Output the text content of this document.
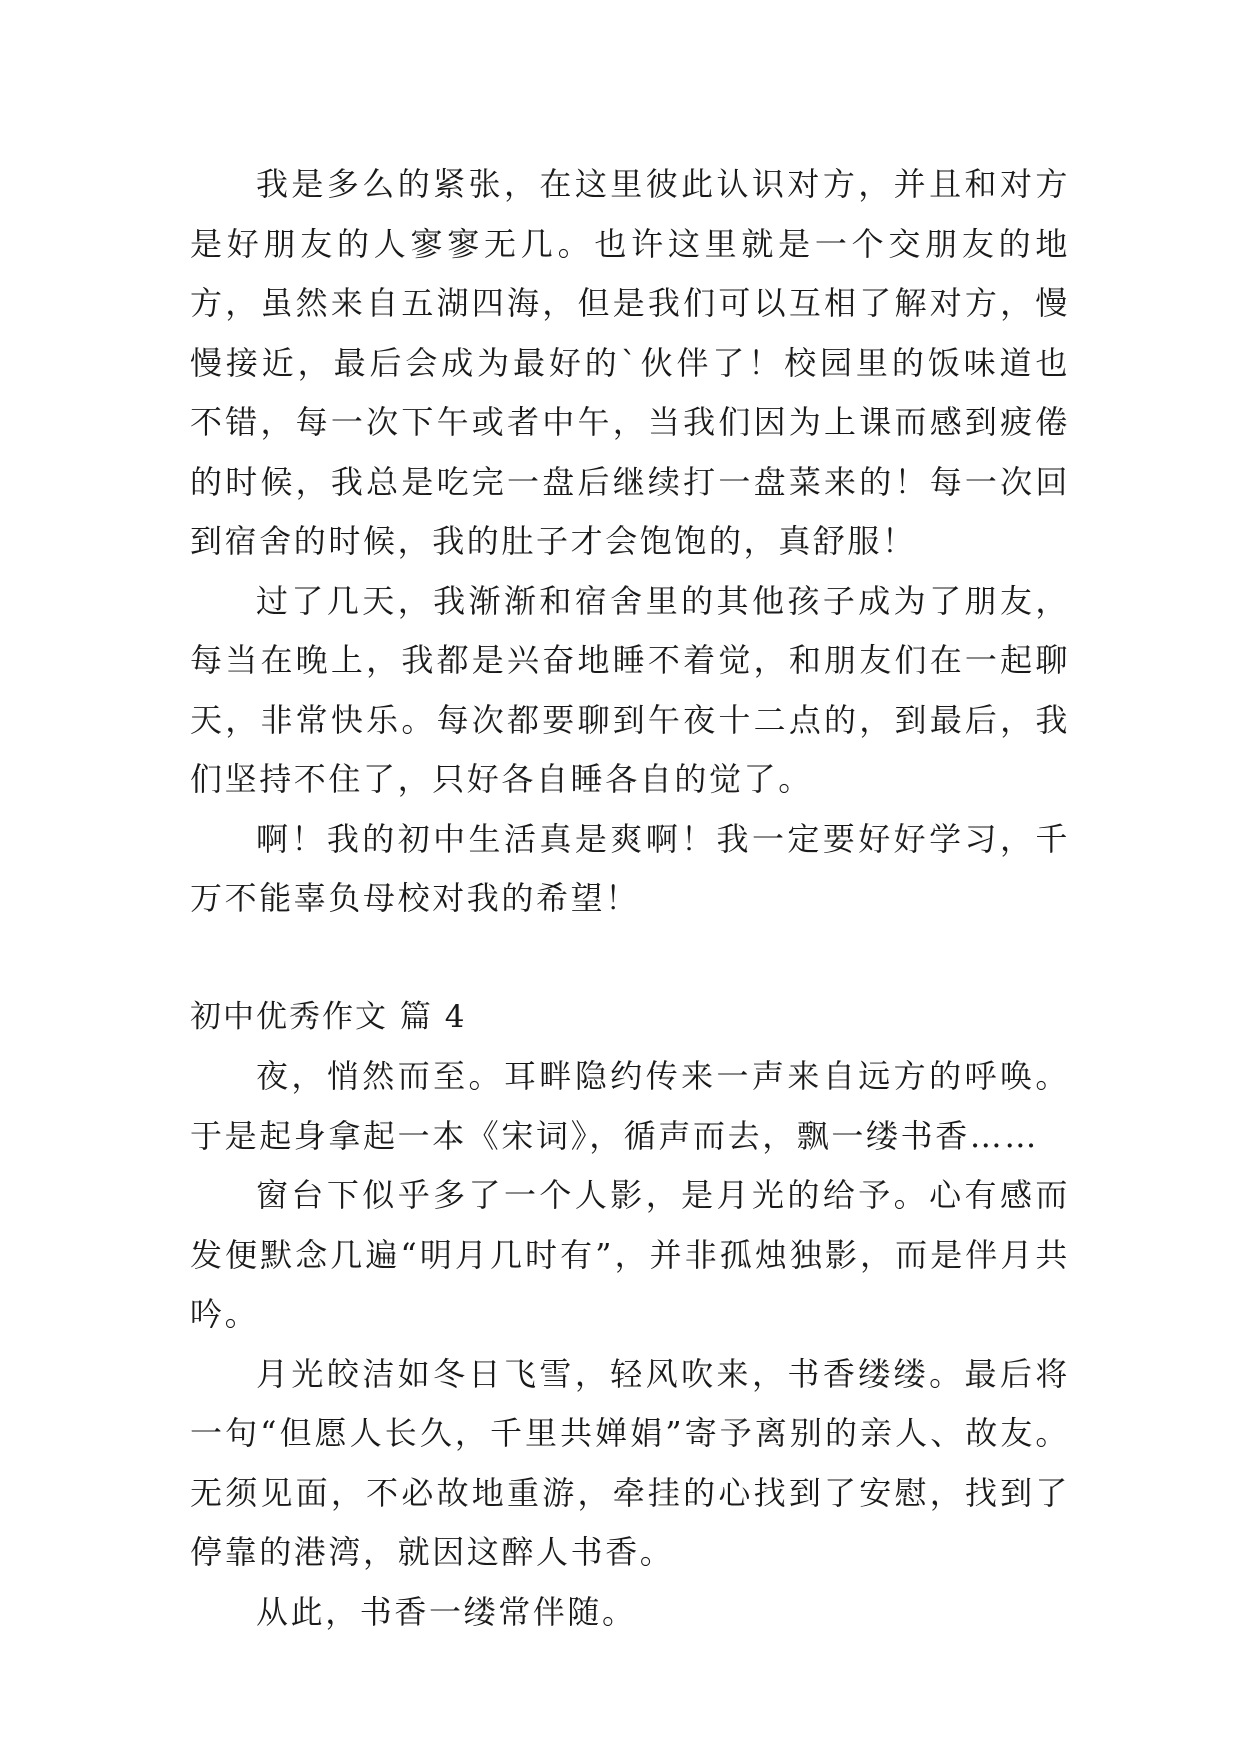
我是多么的紧张，在这里彼此认识对方，并且和对方是好朋友的人寥寥无几。也许这里就是一个交朋友的地方，虽然来自五湖四海，但是我们可以互相了解对方，慢慢接近，最后会成为最好的`伙伴了！校园里的饭味道也不错，每一次下午或者中午，当我们因为上课而感到疲倦的时候，我总是吃完一盘后继续打一盘菜来的！每一次回到宿舍的时候，我的肚子才会饱饱的，真舒服！

过了几天，我渐渐和宿舍里的其他孩子成为了朋友，每当在晚上，我都是兴奋地睡不着觉，和朋友们在一起聊天，非常快乐。每次都要聊到午夜十二点的，到最后，我们坚持不住了，只好各自睡各自的觉了。

啊！我的初中生活真是爽啊！我一定要好好学习，千万不能辜负母校对我的希望！

初中优秀作文 篇 4

夜，悄然而至。耳畔隐约传来一声来自远方的呼唤。于是起身拿起一本《宋词》，循声而去，飘一缕书香……

窗台下似乎多了一个人影，是月光的给予。心有感而发便默念几遍“明月几时有”，并非孤烛独影，而是伴月共吟。

月光皎洁如冬日飞雪，轻风吹来，书香缕缕。最后将一句“但愿人长久，千里共婵娟”寄予离别的亲人、故友。无须见面，不必故地重游，牵挂的心找到了安慰，找到了停靠的港湾，就因这醉人书香。

从此，书香一缕常伴随。
